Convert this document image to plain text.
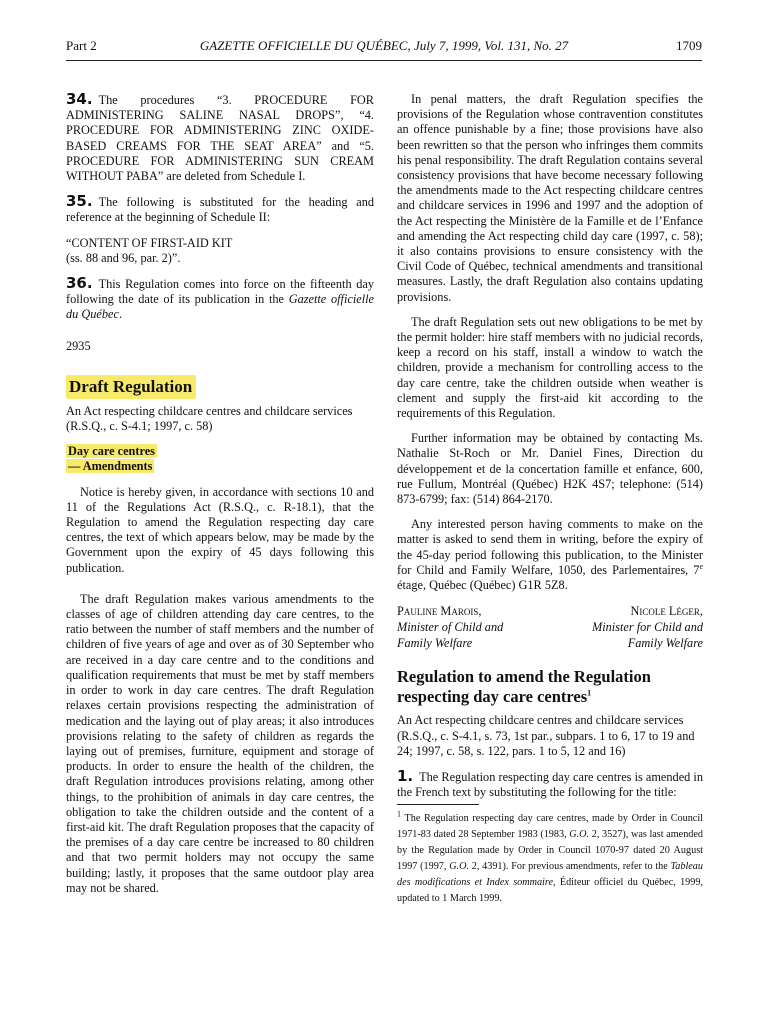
Part 2	GAZETTE OFFICIELLE DU QUÉBEC, July 7, 1999, Vol. 131, No. 27	1709

34. The procedures “3. PROCEDURE FOR ADMINISTERING SALINE NASAL DROPS”, “4. PROCEDURE FOR ADMINISTERING ZINC OXIDE-BASED CREAMS FOR THE SEAT AREA” and “5. PROCEDURE FOR ADMINISTERING SUN CREAM WITHOUT PABA” are deleted from Schedule I.

35. The following is substituted for the heading and reference at the beginning of Schedule II:

“CONTENT OF FIRST-AID KIT
(ss. 88 and 96, par. 2)”.

36. This Regulation comes into force on the fifteenth day following the date of its publication in the Gazette officielle du Québec.

2935

Draft Regulation

An Act respecting childcare centres and childcare services
(R.S.Q., c. S-4.1; 1997, c. 58)

Day care centres
— Amendments

Notice is hereby given, in accordance with sections 10 and 11 of the Regulations Act (R.S.Q., c. R-18.1), that the Regulation to amend the Regulation respecting day care centres, the text of which appears below, may be made by the Government upon the expiry of 45 days following this publication.

The draft Regulation makes various amendments to the classes of age of children attending day care centres, to the ratio between the number of staff members and the number of children of five years of age and over as of 30 September who are received in a day care centre and to the conditions and qualification requirements that must be met by staff members in order to work in day care centres. The draft Regulation relaxes certain provisions respecting the administration of medication and the laying out of play areas; it also introduces provisions relating to the safety of children as regards the laying out of premises, furniture, equipment and storage of products. In order to ensure the health of the children, the draft Regulation introduces provisions relating, among other things, to the prohibition of animals in day care centres, the obligation to take the children outside and the content of a first-aid kit. The draft Regulation proposes that the capacity of the premises of a day care centre be increased to 80 children and that two permit holders may not occupy the same building; lastly, it proposes that the same outdoor play area may not be shared.

In penal matters, the draft Regulation specifies the provisions of the Regulation whose contravention constitutes an offence punishable by a fine; those provisions have also been rewritten so that the person who infringes them commits his penal responsibility. The draft Regulation contains several consistency provisions that have become necessary following the amendments made to the Act respecting childcare centres and childcare services in 1996 and 1997 and the adoption of the Act respecting the Ministère de la Famille et de l’Enfance and amending the Act respecting child day care (1997, c. 58); it also contains provisions to ensure consistency with the Civil Code of Québec, technical amendments and transitional measures. Lastly, the draft Regulation also contains updating provisions.

The draft Regulation sets out new obligations to be met by the permit holder: hire staff members with no judicial records, keep a record on his staff, install a window to watch the children, provide a mechanism for controlling access to the day care centre, take the children outside when weather is clement and supply the first-aid kit according to the requirements of this Regulation.

Further information may be obtained by contacting Ms. Nathalie St-Roch or Mr. Daniel Fines, Direction du développement et de la concertation famille et enfance, 600, rue Fullum, Montréal (Québec) H2K 4S7; telephone: (514) 873-6799; fax: (514) 864-2170.

Any interested person having comments to make on the matter is asked to send them in writing, before the expiry of the 45-day period following this publication, to the Minister for Child and Family Welfare, 1050, des Parlementaires, 7e étage, Québec (Québec) G1R 5Z8.

Pauline Marois,
Minister of Child and
Family Welfare
Nicole Léger,
Minister for Child and
Family Welfare

Regulation to amend the Regulation
respecting day care centres$^1$

An Act respecting childcare centres and childcare services
(R.S.Q., c. S-4.1, s. 73, 1st par., subpars. 1 to 6, 17 to 19 and 24; 1997, c. 58, s. 122, pars. 1 to 5, 12 and 16)

1. The Regulation respecting day care centres is amended in the French text by substituting the following for the title:

$^1$ The Regulation respecting day care centres, made by Order in Council 1971-83 dated 28 September 1983 (1983, G.O. 2, 3527), was last amended by the Regulation made by Order in Council 1070-97 dated 20 August 1997 (1997, G.O. 2, 4391). For previous amendments, refer to the Tableau des modifications et Index sommaire, Éditeur officiel du Québec, 1999, updated to 1 March 1999.
